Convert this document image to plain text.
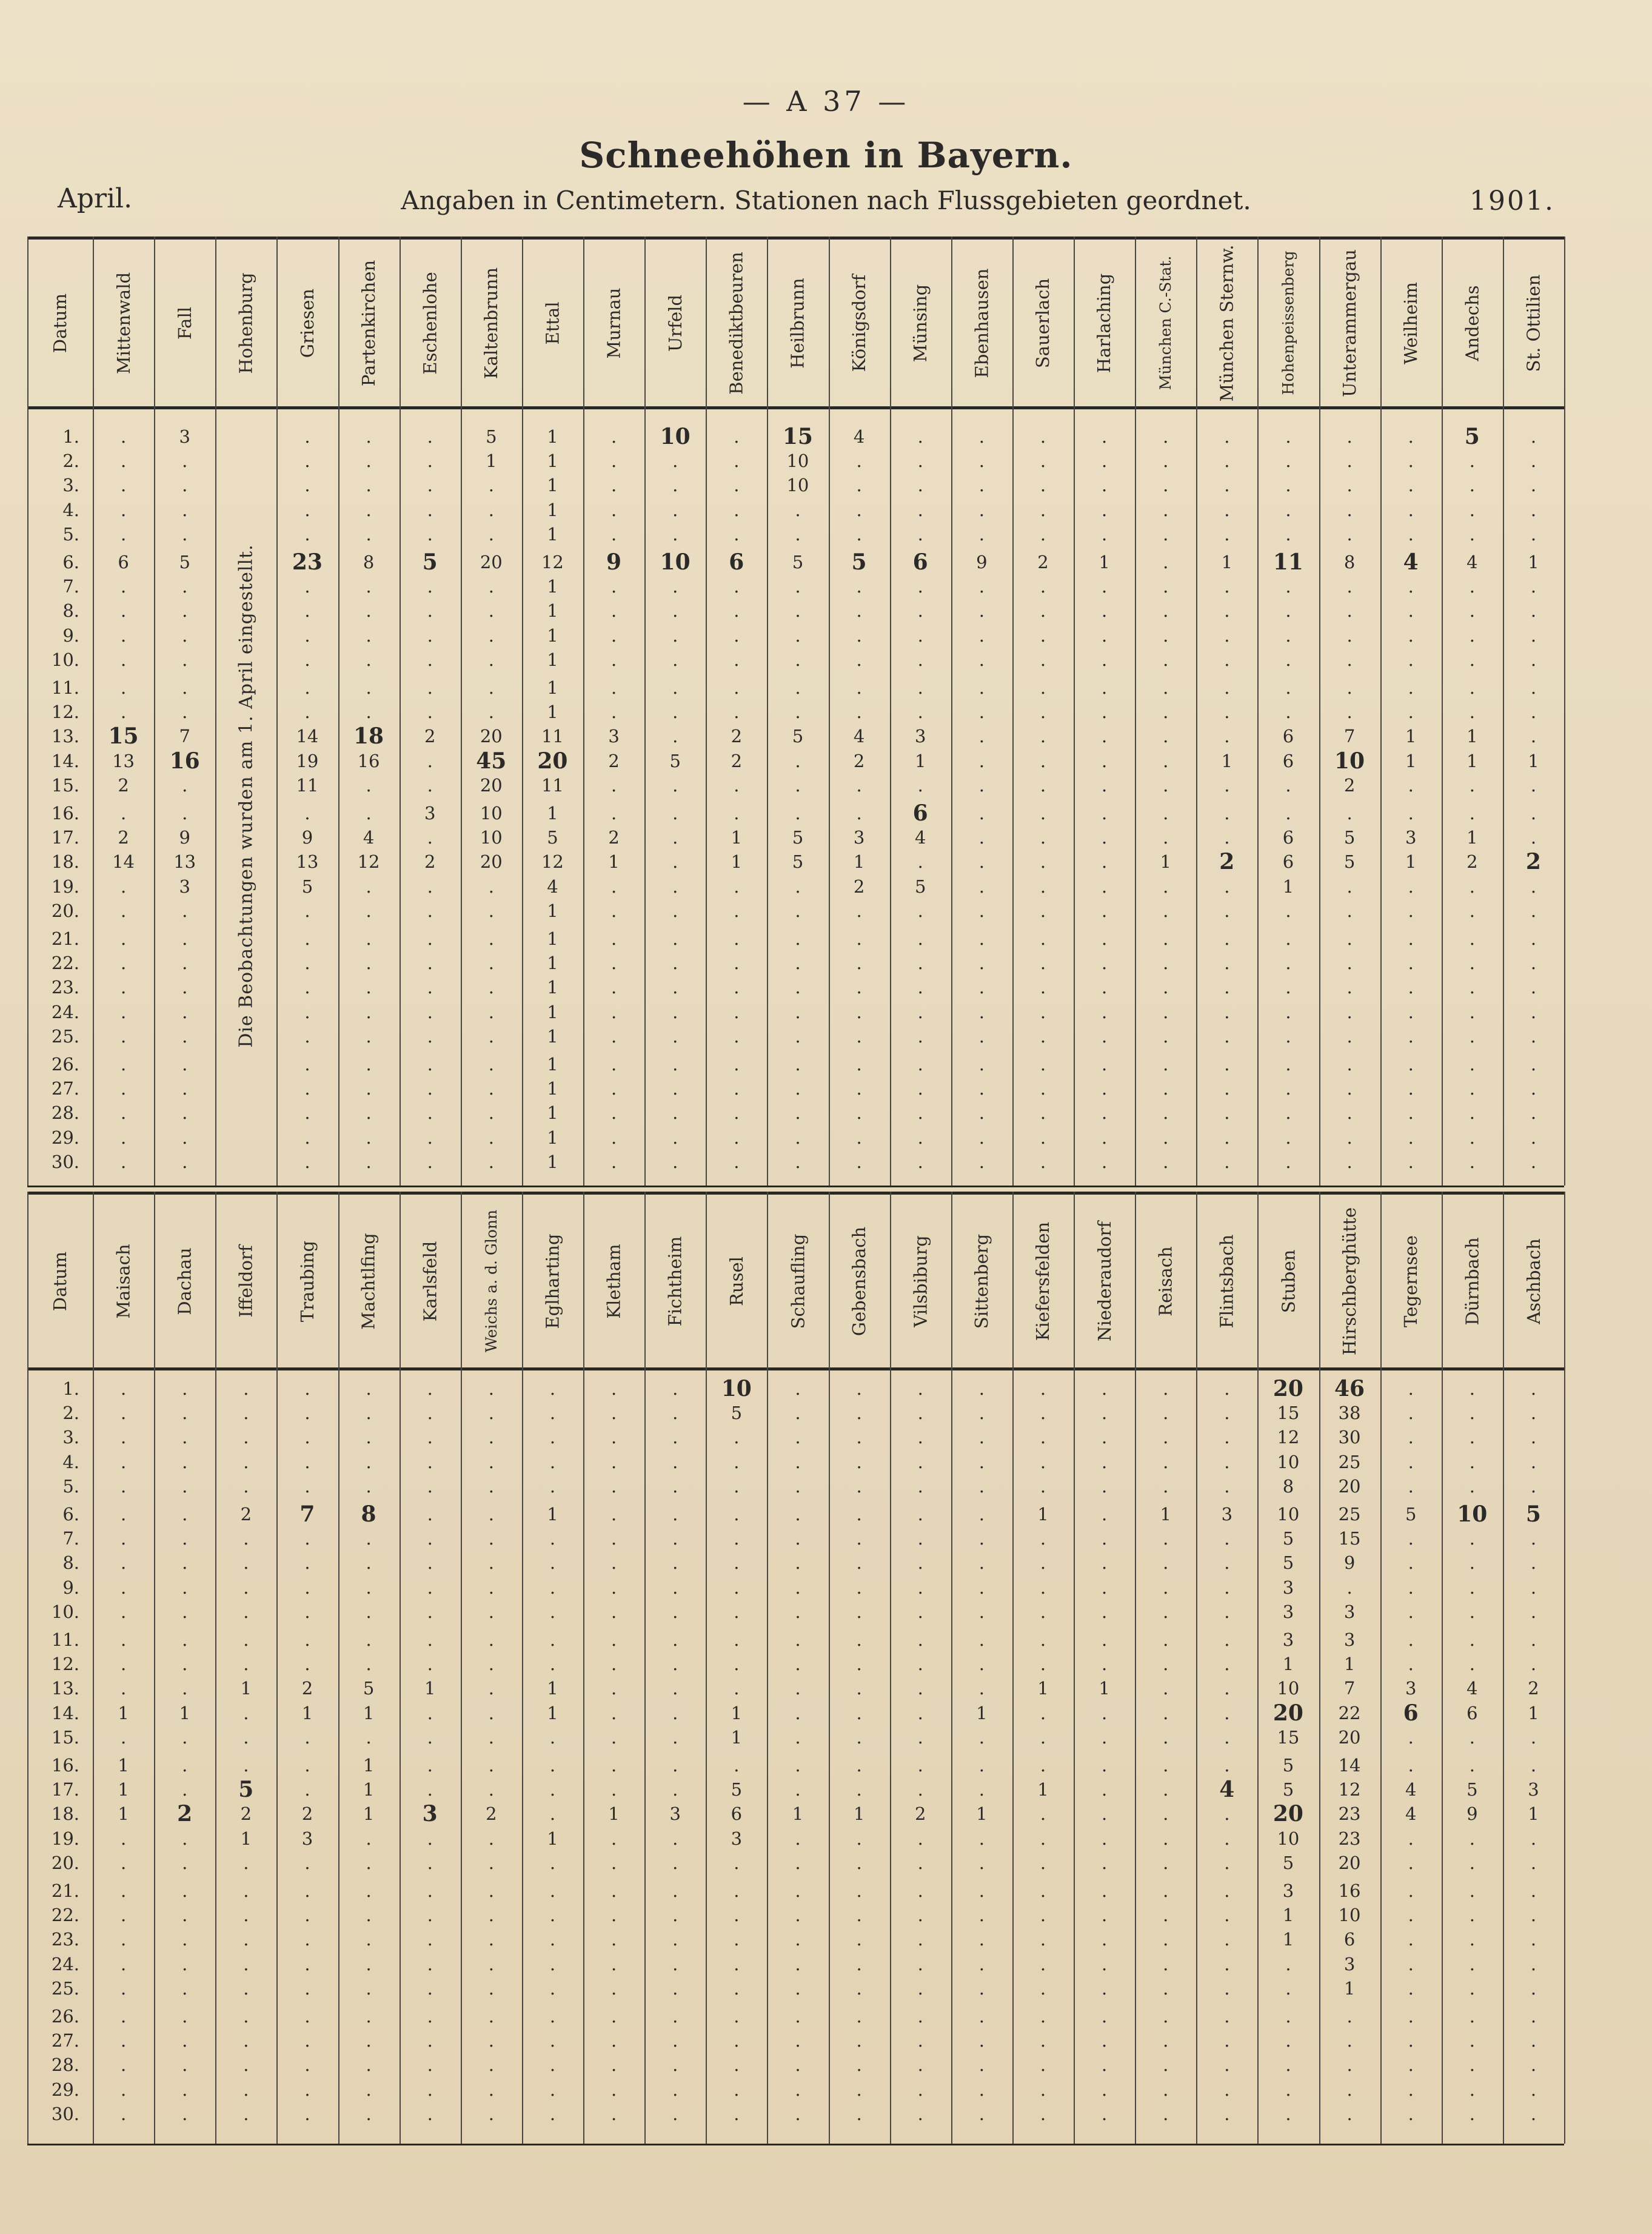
— A 37 —
Schneehöhen in Bayern.
April.	Angaben in Centimetern. Stationen nach Flussgebieten geordnet.	1901.
Datum Mittenwald Fall Hohenburg Griesen Partenkirchen Eschenlohe Kaltenbrunn Ettal Murnau Urfeld Benediktbeuren Heilbrunn Königsdorf Münsing Ebenhausen Sauerlach Harlaching	München C.-Stat. München Sternw.	Hohenpeissenberg Unterammergau Weilheim Andechs St. Ottilien
1.	.	3	.	.	.	5	1	.	10	.	15	4	.	.	.	.	.	.	.	.	.	5	.
2.	.	.	.	.	.	1	1	.	.	.	10	.	.	.	.	.	.	.	.	.	.	.	.
3.	.	.	.	.	.	.	1	.	.	.	10	.	.	.	.	.	.	.	.	.	.	.	.
4.	.	.	.	.	.	.	1	.	.	.	.	.	.	.	.	.	.	.	.	.	.	.	.
5.	.	.	.	.	.	.	1	.	.	.	.	.	.	.	.	.	.	.	.	.	.	.	.
6.	6	5	23	8	5	20	12	9	10	6	5	5	6	9	2	1	.	1	11	8	4	4	1
7.	.	.	.	.	.	.	1	.	.	.	.	.	.	.	.	.	.	.	.	.	.	.	.
8.	.	.	.	.	.	.	1	.	.	.	.	.	.	.	.	.	.	.	.	.	.	.	.
9.	.	.	.	.	.	.	1	.	.	.	.	.	.	.	.	.	.	.	.	.	.	.	.
10.	.	.	.	.	.	.	1	.	.	.	.	.	.	.	.	.	.	.	.	.	.	.	.
11.	.	.	.	.	.	.	1	.	.	.	.	.	.	.	.	.	.	.	.	.	.	.	.
12.	.	.	.	.	.	.	1	.	.	.	.	.	.	.	.	.	.	.	.	.	.	.	.
13.	15	7	14	18	2	20	11	3	.	2	5	4	3	.	.	.	.	.	6	7	1	1	.
14.	13	16	19	16	.	45	20	2	5	2	.	2	1	.	.	.	.	1	6	10	1	1	1
15.	2	.	11	.	.	20	11	.	.	.	.	.	.	.	.	.	.	.	.	2	.	.	.
16.	.	.	.	.	3	10	1	.	.	.	.	.	6	.	.	.	.	.	.	.	.	.	.
17.	2	9	9	4	.	10	5	2	.	1	5	3	4	.	.	.	.	.	6	5	3	1	.
18.	14	13	13	12	2	20	12	1	.	1	5	1	.	.	.	.	1	2	6	5	1	2	2
19.	.	3	5	.	.	.	4	.	.	.	.	2	5	.	.	.	.	.	1	.	.	.	.
20.	.	.	.	.	.	.	1	.	.	.	.	.	.	.	.	.	.	.	.	.	.	.	.
21.	.	.	.	.	.	.	1	.	.	.	.	.	.	.	.	.	.	.	.	.	.	.	.
22.	.	.	.	.	.	.	1	.	.	.	.	.	.	.	.	.	.	.	.	.	.	.	.
23.	.	.	.	.	.	.	1	.	.	.	.	.	.	.	.	.	.	.	.	.	.	.	.
24.	.	.	.	.	.	.	1	.	.	.	.	.	.	.	.	.	.	.	.	.	.	.	.
25.	.	.	.	.	.	.	1	.	.	.	.	.	.	.	.	.	.	.	.	.	.	.	.
26.	.	.	.	.	.	.	1	.	.	.	.	.	.	.	.	.	.	.	.	.	.	.	.
27.	.	.	.	.	.	.	1	.	.	.	.	.	.	.	.	.	.	.	.	.	.	.	.
28.	.	.	.	.	.	.	1	.	.	.	.	.	.	.	.	.	.	.	.	.	.	.	.
29.	.	.	.	.	.	.	1	.	.	.	.	.	.	.	.	.	.	.	.	.	.	.	.
30.	.	.	.	.	.	.	1	.	.	.	.	.	.	.	.	.	.	.	.	.	.	.	.
Die Beobachtungen wurden am 1. April eingestellt.
Datum Maisach Dachau Iffeldorf Traubing Machtlfing Karlsfeld	Weichs a. d. Glonn Eglharting Kletham Fichtheim Rusel Schaufling Gebensbach Vilsbiburg Sittenberg Kiefersfelden Niederaudorf Reisach Flintsbach Stuben Hirschberghütte Tegernsee Dürnbach Aschbach
1.	.	.	.	.	.	.	.	.	.	.	10	.	.	.	.	.	.	.	.	20	46	.	.	.
2.	.	.	.	.	.	.	.	.	.	.	5	.	.	.	.	.	.	.	.	15	38	.	.	.
3.	.	.	.	.	.	.	.	.	.	.	.	.	.	.	.	.	.	.	.	12	30	.	.	.
4.	.	.	.	.	.	.	.	.	.	.	.	.	.	.	.	.	.	.	.	10	25	.	.	.
5.	.	.	.	.	.	.	.	.	.	.	.	.	.	.	.	.	.	.	.	8	20	.	.	.
6.	.	.	2	7	8	.	.	1	.	.	.	.	.	.	.	1	.	1	3	10	25	5	10	5
7.	.	.	.	.	.	.	.	.	.	.	.	.	.	.	.	.	.	.	.	5	15	.	.	.
8.	.	.	.	.	.	.	.	.	.	.	.	.	.	.	.	.	.	.	.	5	9	.	.	.
9.	.	.	.	.	.	.	.	.	.	.	.	.	.	.	.	.	.	.	.	3	.	.	.	.
10.	.	.	.	.	.	.	.	.	.	.	.	.	.	.	.	.	.	.	.	3	3	.	.	.
11.	.	.	.	.	.	.	.	.	.	.	.	.	.	.	.	.	.	.	.	3	3	.	.	.
12.	.	.	.	.	.	.	.	.	.	.	.	.	.	.	.	.	.	.	.	1	1	.	.	.
13.	.	.	1	2	5	1	.	1	.	.	.	.	.	.	.	1	1	.	.	10	7	3	4	2
14.	1	1	.	1	1	.	.	1	.	.	1	.	.	.	1	.	.	.	.	20	22	6	6	1
15.	.	.	.	.	.	.	.	.	.	.	1	.	.	.	.	.	.	.	.	15	20	.	.	.
16.	1	.	.	.	1	.	.	.	.	.	.	.	.	.	.	.	.	.	.	5	14	.	.	.
17.	1	.	5	.	1	.	.	.	.	.	5	.	.	.	.	1	.	.	4	5	12	4	5	3
18.	1	2	2	2	1	3	2	.	1	3	6	1	1	2	1	.	.	.	.	20	23	4	9	1
19.	.	.	1	3	.	.	.	1	.	.	3	.	.	.	.	.	.	.	.	10	23	.	.	.
20.	.	.	.	.	.	.	.	.	.	.	.	.	.	.	.	.	.	.	.	5	20	.	.	.
21.	.	.	.	.	.	.	.	.	.	.	.	.	.	.	.	.	.	.	.	3	16	.	.	.
22.	.	.	.	.	.	.	.	.	.	.	.	.	.	.	.	.	.	.	.	1	10	.	.	.
23.	.	.	.	.	.	.	.	.	.	.	.	.	.	.	.	.	.	.	.	1	6	.	.	.
24.	.	.	.	.	.	.	.	.	.	.	.	.	.	.	.	.	.	.	.	.	3	.	.	.
25.	.	.	.	.	.	.	.	.	.	.	.	.	.	.	.	.	.	.	.	.	1	.	.	.
26.	.	.	.	.	.	.	.	.	.	.	.	.	.	.	.	.	.	.	.	.	.	.	.	.
27.	.	.	.	.	.	.	.	.	.	.	.	.	.	.	.	.	.	.	.	.	.	.	.	.
28.	.	.	.	.	.	.	.	.	.	.	.	.	.	.	.	.	.	.	.	.	.	.	.	.
29.	.	.	.	.	.	.	.	.	.	.	.	.	.	.	.	.	.	.	.	.	.	.	.	.
30.	.	.	.	.	.	.	.	.	.	.	.	.	.	.	.	.	.	.	.	.	.	.	.	.
